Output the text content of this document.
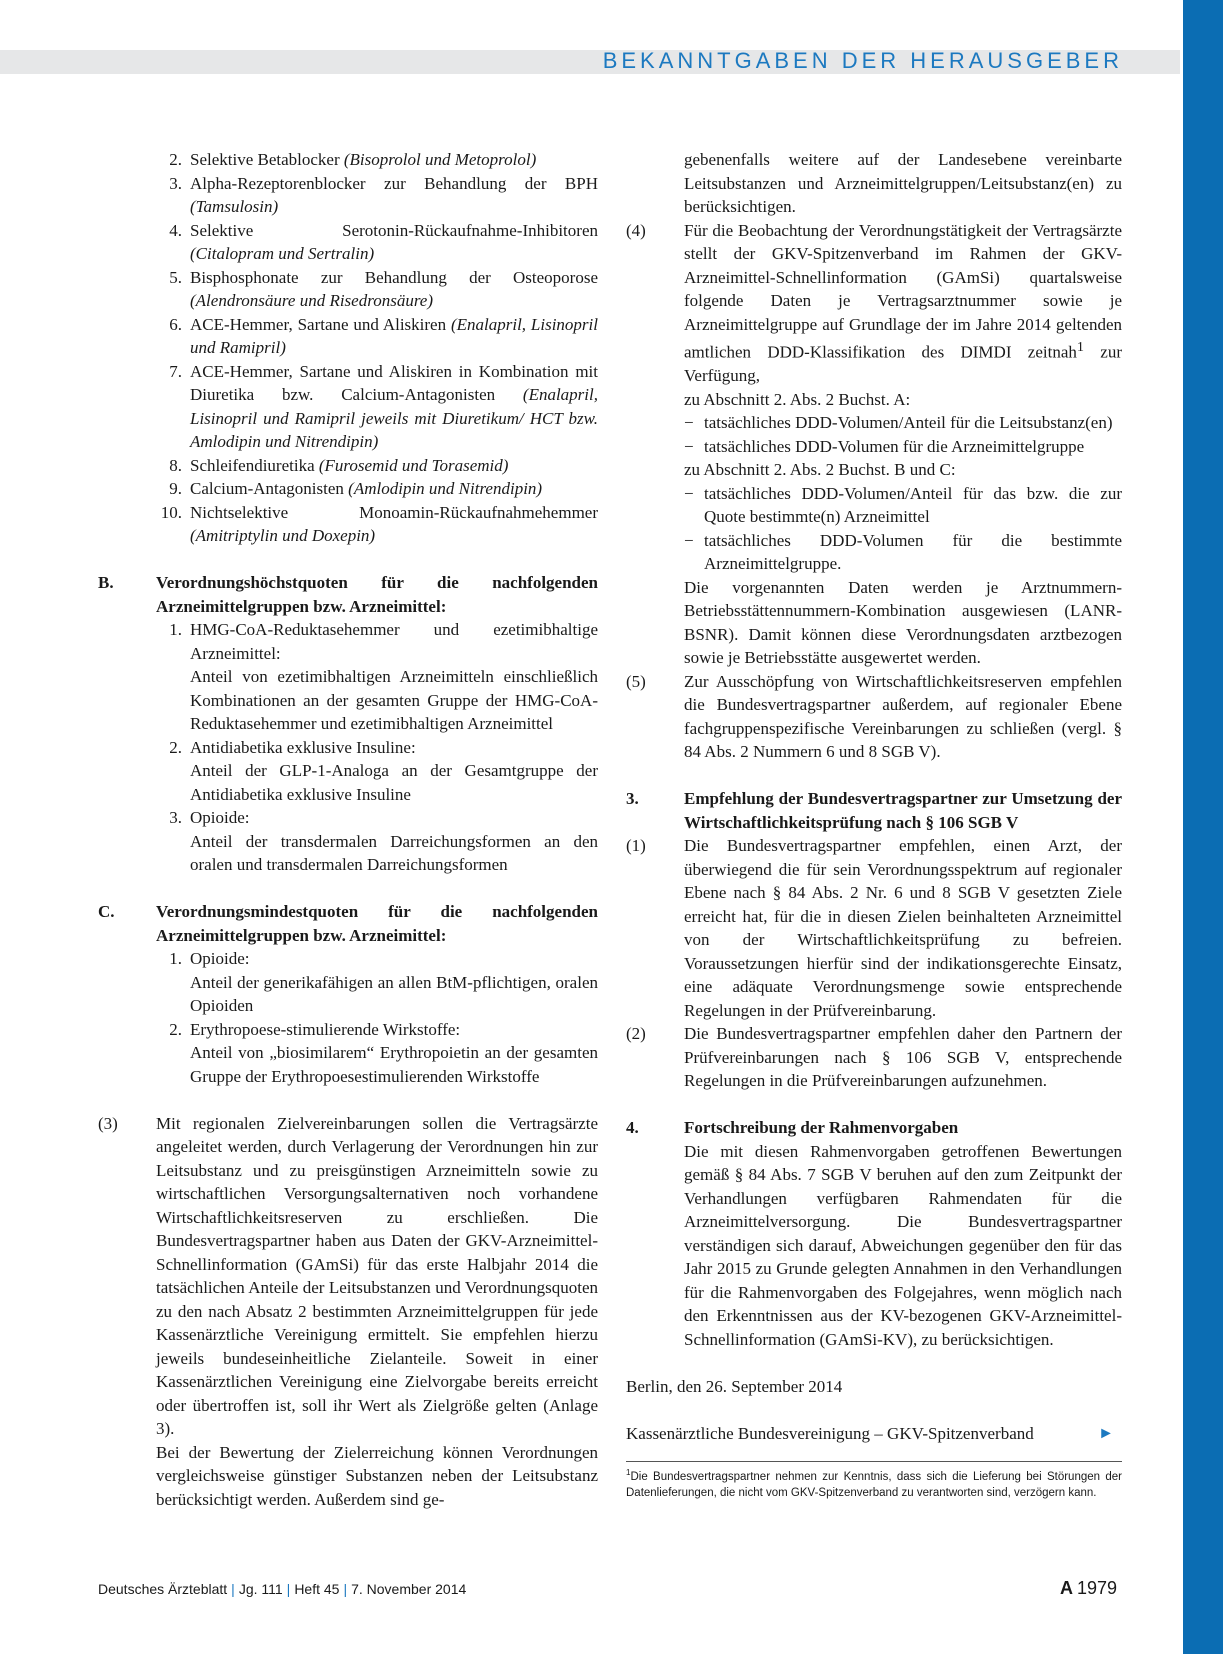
BEKANNTGABEN DER HERAUSGEBER
2. Selektive Betablocker (Bisoprolol und Metoprolol)
3. Alpha-Rezeptorenblocker zur Behandlung der BPH (Tamsulosin)
4. Selektive Serotonin-Rückaufnahme-Inhibitoren (Citalopram und Sertralin)
5. Bisphosphonate zur Behandlung der Osteoporose (Alendronsäure und Risedronsäure)
6. ACE-Hemmer, Sartane und Aliskiren (Enalapril, Lisinopril und Ramipril)
7. ACE-Hemmer, Sartane und Aliskiren in Kombination mit Diuretika bzw. Calcium-Antagonisten (Enalapril, Lisinopril und Ramipril jeweils mit Diuretikum/ HCT bzw. Amlodipin und Nitrendipin)
8. Schleifendiuretika (Furosemid und Torasemid)
9. Calcium-Antagonisten (Amlodipin und Nitrendipin)
10. Nichtselektive Monoamin-Rückaufnahmehemmer (Amitriptylin und Doxepin)
B. Verordnungshöchstquoten für die nachfolgenden Arzneimittelgruppen bzw. Arzneimittel:
1. HMG-CoA-Reduktasehemmer und ezetimibhaltige Arzneimittel:
Anteil von ezetimibhaltigen Arzneimitteln einschließlich Kombinationen an der gesamten Gruppe der HMG-CoA-Reduktasehemmer und ezetimibhaltigen Arzneimittel
2. Antidiabetika exklusive Insuline:
Anteil der GLP-1-Analoga an der Gesamtgruppe der Antidiabetika exklusive Insuline
3. Opioide:
Anteil der transdermalen Darreichungsformen an den oralen und transdermalen Darreichungsformen
C. Verordnungsmindestquoten für die nachfolgenden Arzneimittelgruppen bzw. Arzneimittel:
1. Opioide:
Anteil der generikafähigen an allen BtM-pflichtigen, oralen Opioiden
2. Erythropoese-stimulierende Wirkstoffe:
Anteil von „biosimilarem“ Erythropoietin an der gesamten Gruppe der Erythropoesestimulierenden Wirkstoffe
(3) Mit regionalen Zielvereinbarungen sollen die Vertragsärzte angeleitet werden, durch Verlagerung der Verordnungen hin zur Leitsubstanz und zu preisgünstigen Arzneimitteln sowie zu wirtschaftlichen Versorgungsalternativen noch vorhandene Wirtschaftlichkeitsreserven zu erschließen. Die Bundesvertragspartner haben aus Daten der GKV-Arzneimittel-Schnellinformation (GAmSi) für das erste Halbjahr 2014 die tatsächlichen Anteile der Leitsubstanzen und Verordnungsquoten zu den nach Absatz 2 bestimmten Arzneimittelgruppen für jede Kassenärztliche Vereinigung ermittelt. Sie empfehlen hierzu jeweils bundeseinheitliche Zielanteile. Soweit in einer Kassenärztlichen Vereinigung eine Zielvorgabe bereits erreicht oder übertroffen ist, soll ihr Wert als Zielgröße gelten (Anlage 3).
Bei der Bewertung der Zielerreichung können Verordnungen vergleichsweise günstiger Substanzen neben der Leitsubstanz berücksichtigt werden. Außerdem sind ge-
gebenenfalls weitere auf der Landesebene vereinbarte Leitsubstanzen und Arzneimittelgruppen/Leitsubstanz(en) zu berücksichtigen.
(4) Für die Beobachtung der Verordnungstätigkeit der Vertragsärzte stellt der GKV-Spitzenverband im Rahmen der GKV-Arzneimittel-Schnellinformation (GAmSi) quartalsweise folgende Daten je Vertragsarztnummer sowie je Arzneimittelgruppe auf Grundlage der im Jahre 2014 geltenden amtlichen DDD-Klassifikation des DIMDI zeitnah$^1$ zur Verfügung,
zu Abschnitt 2. Abs. 2 Buchst. A:
− tatsächliches DDD-Volumen/Anteil für die Leitsubstanz(en)
− tatsächliches DDD-Volumen für die Arzneimittelgruppe
zu Abschnitt 2. Abs. 2 Buchst. B und C:
− tatsächliches DDD-Volumen/Anteil für das bzw. die zur Quote bestimmte(n) Arzneimittel
− tatsächliches DDD-Volumen für die bestimmte Arzneimittelgruppe.
Die vorgenannten Daten werden je Arztnummern-Betriebsstättennummern-Kombination ausgewiesen (LANR-BSNR). Damit können diese Verordnungsdaten arztbezogen sowie je Betriebsstätte ausgewertet werden.
(5) Zur Ausschöpfung von Wirtschaftlichkeitsreserven empfehlen die Bundesvertragspartner außerdem, auf regionaler Ebene fachgruppenspezifische Vereinbarungen zu schließen (vergl. § 84 Abs. 2 Nummern 6 und 8 SGB V).
3.	Empfehlung der Bundesvertragspartner zur Umsetzung der Wirtschaftlichkeitsprüfung nach § 106 SGB V
(1) Die Bundesvertragspartner empfehlen, einen Arzt, der überwiegend die für sein Verordnungsspektrum auf regionaler Ebene nach § 84 Abs. 2 Nr. 6 und 8 SGB V gesetzten Ziele erreicht hat, für die in diesen Zielen beinhalteten Arzneimittel von der Wirtschaftlichkeitsprüfung zu befreien. Voraussetzungen hierfür sind der indikationsgerechte Einsatz, eine adäquate Verordnungsmenge sowie entsprechende Regelungen in der Prüfvereinbarung.
(2) Die Bundesvertragspartner empfehlen daher den Partnern der Prüfvereinbarungen nach § 106 SGB V, entsprechende Regelungen in die Prüfvereinbarungen aufzunehmen.
4.	Fortschreibung der Rahmenvorgaben
Die mit diesen Rahmenvorgaben getroffenen Bewertungen gemäß § 84 Abs. 7 SGB V beruhen auf den zum Zeitpunkt der Verhandlungen verfügbaren Rahmendaten für die Arzneimittelversorgung. Die Bundesvertragspartner verständigen sich darauf, Abweichungen gegenüber den für das Jahr 2015 zu Grunde gelegten Annahmen in den Verhandlungen für die Rahmenvorgaben des Folgejahres, wenn möglich nach den Erkenntnissen aus der KV-bezogenen GKV-Arzneimittel-Schnellinformation (GAmSi-KV), zu berücksichtigen.
Berlin, den 26. September 2014
Kassenärztliche Bundesvereinigung – GKV-Spitzenverband	►
$^1$Die Bundesvertragspartner nehmen zur Kenntnis, dass sich die Lieferung bei Störungen der Datenlieferungen, die nicht vom GKV-Spitzenverband zu verantworten sind, verzögern kann.
Deutsches Ärzteblatt | Jg. 111 | Heft 45 | 7. November 2014	A 1979
